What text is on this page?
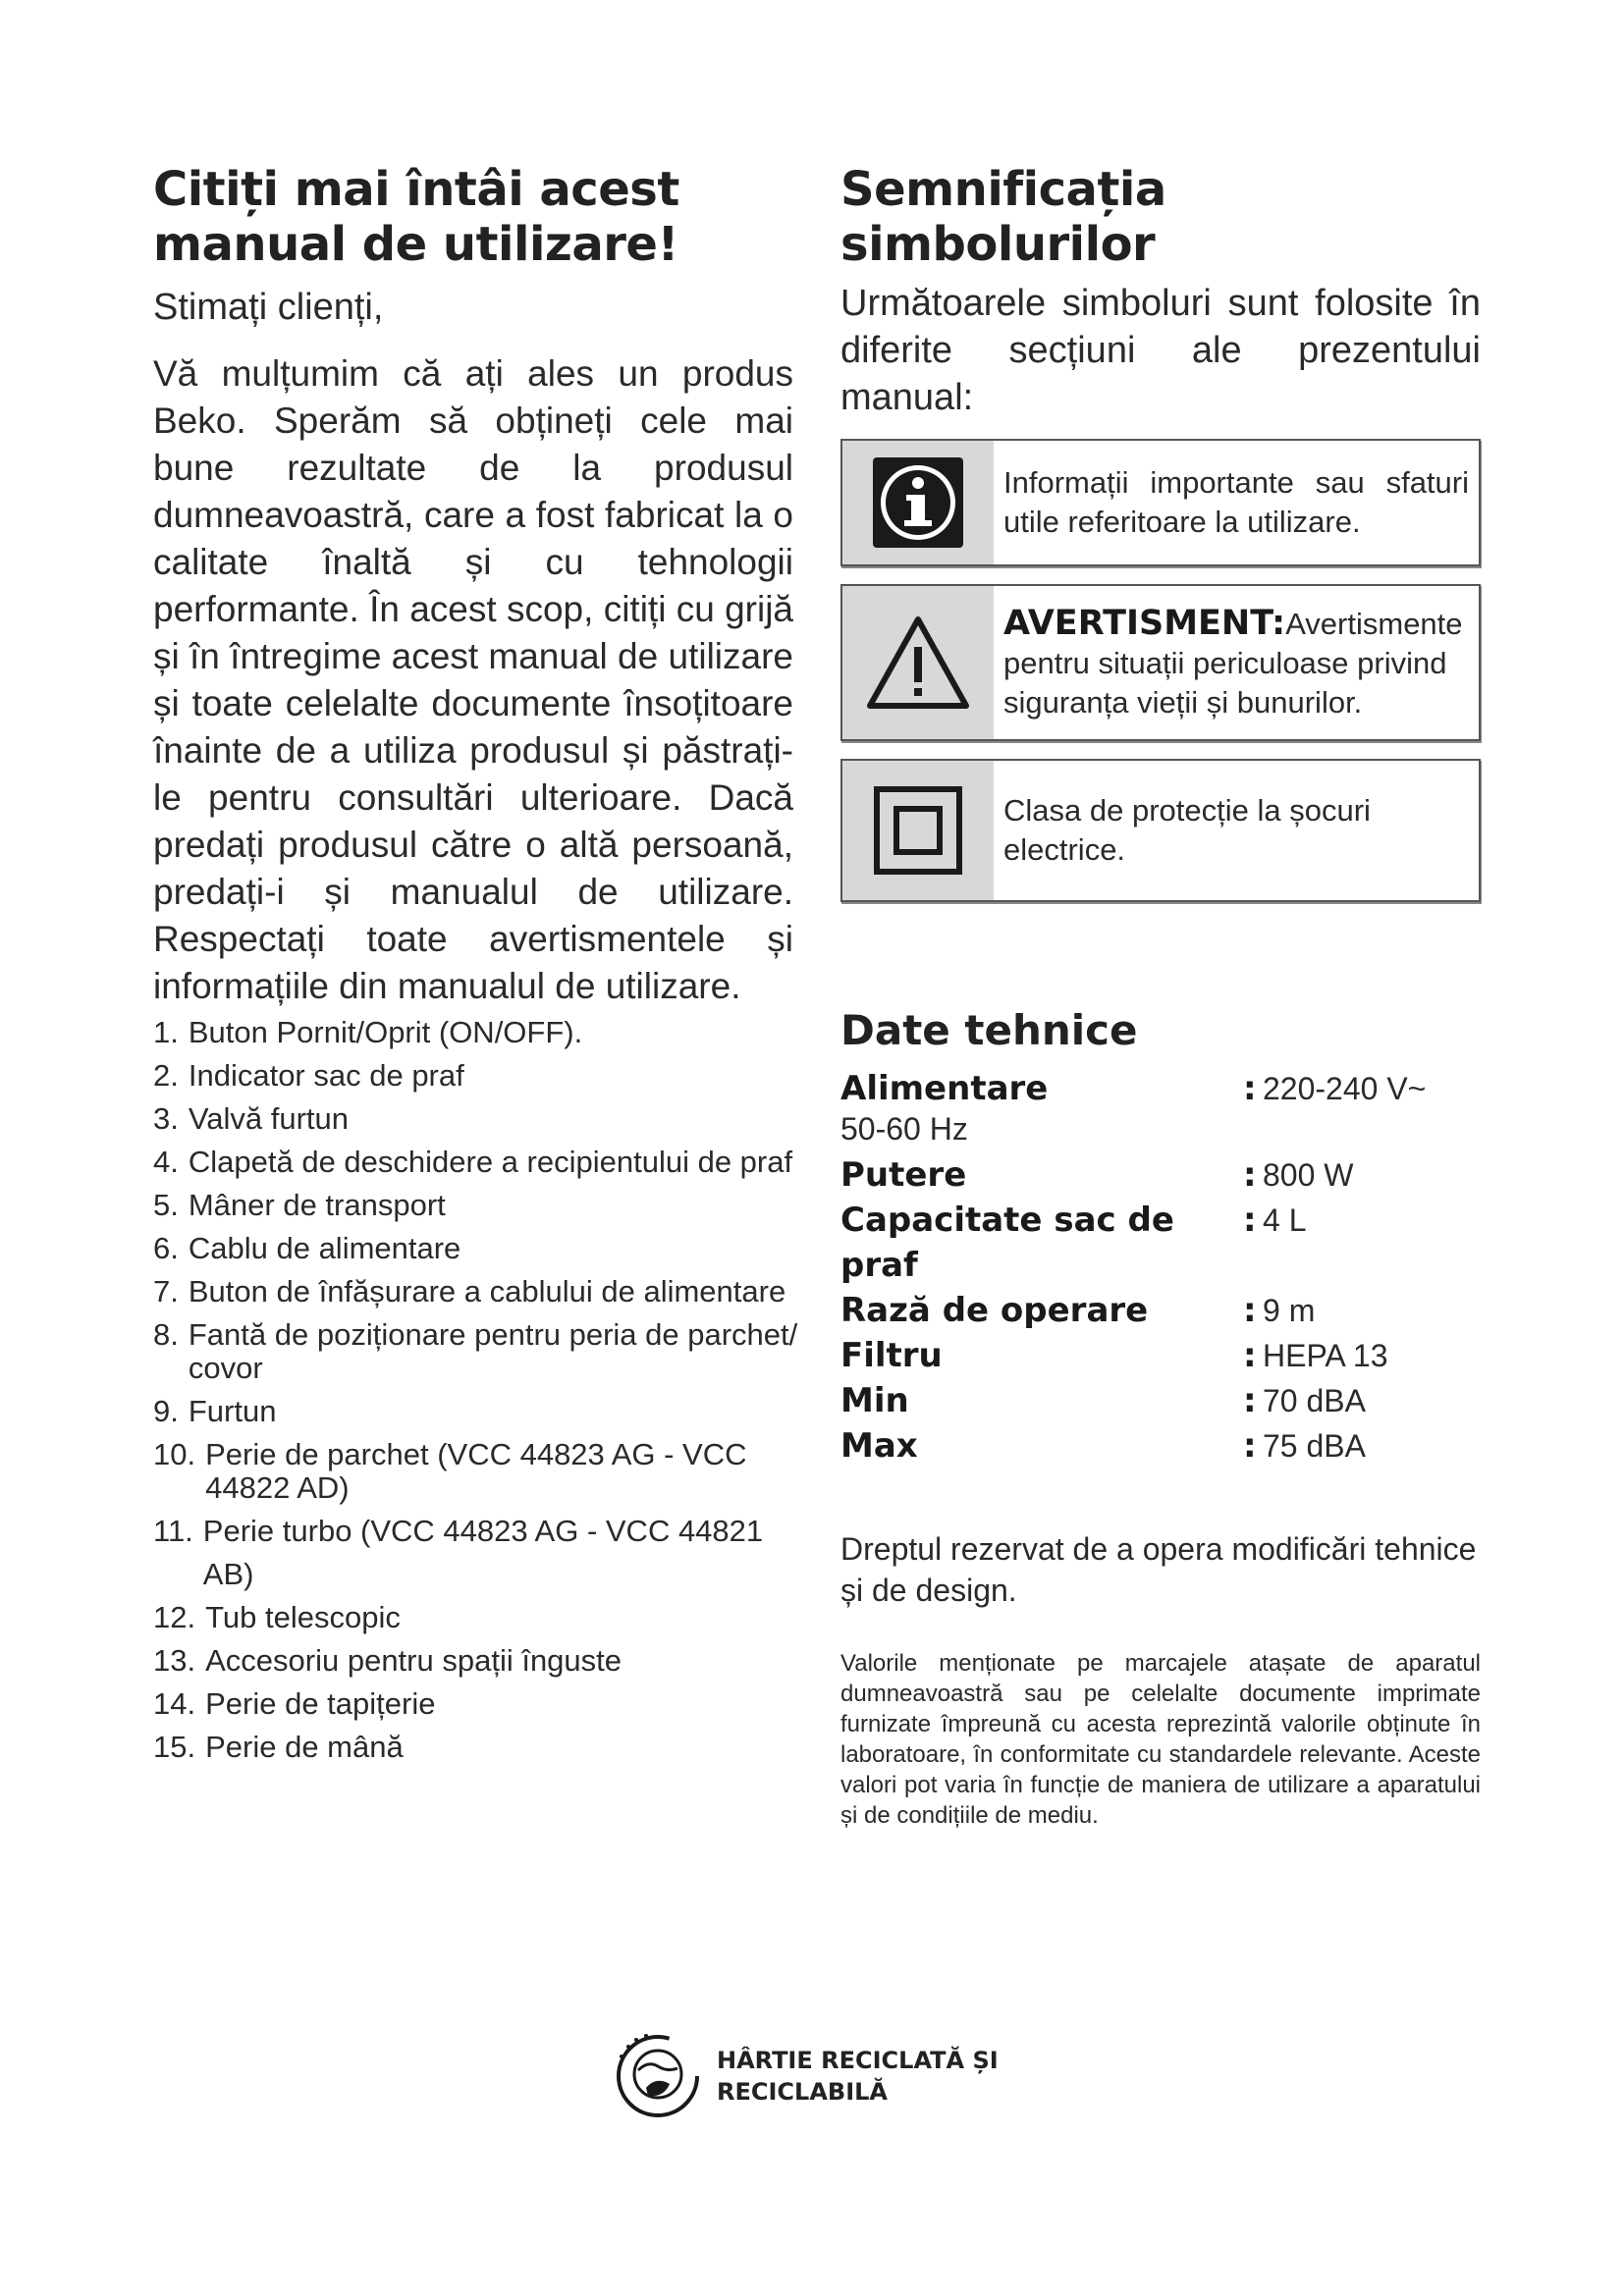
Citiți mai întâi acest
manual de utilizare!

Stimați clienți,

Vă mulțumim că ați ales un produs Beko. Sperăm să obțineți cele mai bune rezultate de la produsul dumneavoastră, care a fost fabricat la o calitate înaltă și cu tehnologii performante. În acest scop, citiți cu grijă și în întregime acest manual de utilizare și toate celelalte documente însoțitoare înainte de a utiliza produsul și păstrați-le pentru consultări ulterioare. Dacă predați produsul către o altă persoană, predați-i și manualul de utilizare. Respectați toate avertismentele și informațiile din manualul de utilizare.

1. Buton Pornit/Oprit (ON/OFF).
2. Indicator sac de praf
3. Valvă furtun
4. Clapetă de deschidere a recipientului de praf
5. Mâner de transport
6. Cablu de alimentare
7. Buton de înfășurare a cablului de alimentare
8. Fantă de poziționare pentru peria de parchet/ covor
9. Furtun
10. Perie de parchet (VCC 44823 AG - VCC 44822 AD)
11. Perie turbo (VCC 44823 AG - VCC 44821 AB)
12. Tub telescopic
13. Accesoriu pentru spații înguste
14. Perie de tapițerie
15. Perie de mână
Semnificația simbolurilor

Următoarele simboluri sunt folosite în diferite secțiuni ale prezentului manual:

Informații importante sau sfaturi utile referitoare la utilizare.
AVERTISMENT:Avertismente pentru situații periculoase privind siguranța vieții și bunurilor.
Clasa de protecție la șocuri electrice.
Date tehnice
Alimentare	: 220-240 V~
50-60 Hz
Putere	: 800 W
Capacitate sac de praf
: 4 L
Rază de operare	: 9 m
Filtru	: HEPA 13
Min	: 70 dBA
Max	: 75 dBA

Dreptul rezervat de a opera modificări tehnice și de design.

Valorile menționate pe marcajele atașate de aparatul dumneavoastră sau pe celelalte documente imprimate furnizate împreună cu acesta reprezintă valorile obținute în laboratoare, în conformitate cu standardele relevante. Aceste valori pot varia în funcție de maniera de utilizare a aparatului și de condițiile de mediu.

HÂRTIE RECICLATĂ ȘI
RECICLABILĂ
